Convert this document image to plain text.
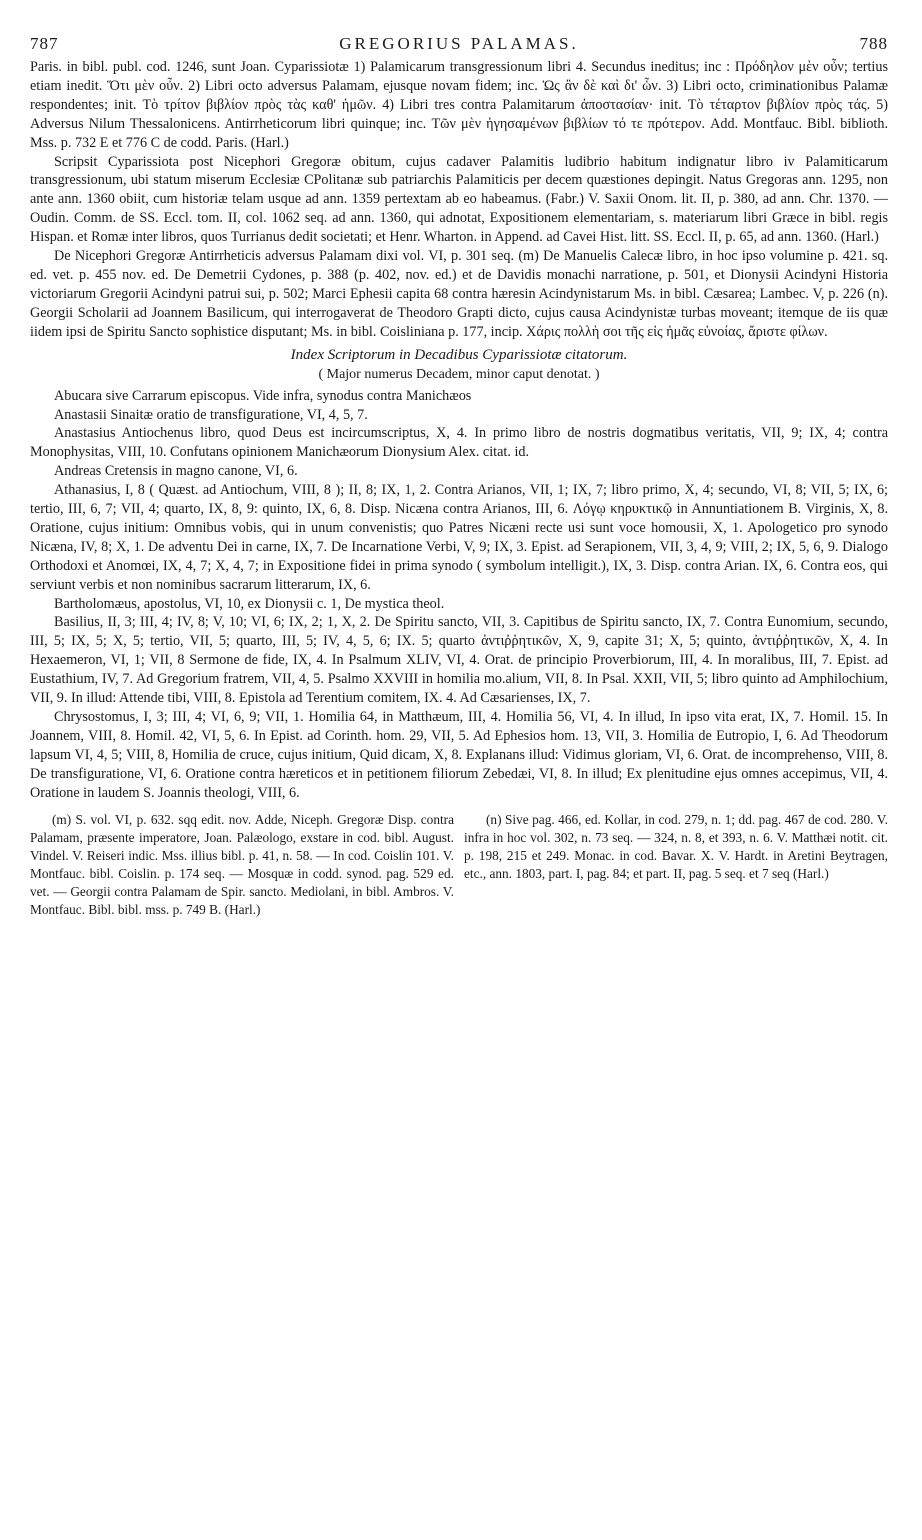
787	GREGORIUS PALAMAS.	788

Paris. in bibl. publ. cod. 1246, sunt Joan. Cyparissiotæ 1) Palamicarum transgressionum libri 4. Secundus ineditus; inc : Πρόδηλον μὲν οὖν; tertius etiam inedit. Ὅτι μὲν οὖν. 2) Libri octo adversus Palamam, ejusque novam fidem; inc. Ὡς ἂν δὲ καὶ δι' ὧν. 3) Libri octo, criminationibus Palamæ respondentes; init. Τὸ τρίτον βιβλίον πρὸς τὰς καθ' ἡμῶν. 4) Libri tres contra Palamitarum ἀποστασίαν· init. Τὸ τέταρτον βιβλίον πρὸς τάς. 5) Adversus Nilum Thessalonicens. Antirrheticorum libri quinque; inc. Τῶν μὲν ἡγησαμένων βιβλίων τό τε πρότερον. Add. Montfauc. Bibl. biblioth. Mss. p. 732 E et 776 C de codd. Paris. (Harl.)

Scripsit Cyparissiota post Nicephori Gregoræ obitum, cujus cadaver Palamitis ludibrio habitum indignatur libro iv Palamiticarum transgressionum, ubi statum miserum Ecclesiæ CPolitanæ sub patriarchis Palamiticis per decem quæstiones depingit. Natus Gregoras ann. 1295, non ante ann. 1360 obiit, cum historiæ telam usque ad ann. 1359 pertextam ab eo habeamus. (Fabr.) V. Saxii Onom. lit. II, p. 380, ad ann. Chr. 1370. — Oudin. Comm. de SS. Eccl. tom. II, col. 1062 seq. ad ann. 1360, qui adnotat, Expositionem elementariam, s. materiarum libri Græce in bibl. regis Hispan. et Romæ inter libros, quos Turrianus dedit societati; et Henr. Wharton. in Append. ad Cavei Hist. litt. SS. Eccl. II, p. 65, ad ann. 1360. (Harl.)

De Nicephori Gregoræ Antirrheticis adversus Palamam dixi vol. VI, p. 301 seq. (m) De Manuelis Calecæ libro, in hoc ipso volumine p. 421. sq. ed. vet. p. 455 nov. ed. De Demetrii Cydones, p. 388 (p. 402, nov. ed.) et de Davidis monachi narratione, p. 501, et Dionysii Acindyni Historia victoriarum Gregorii Acindyni patrui sui, p. 502; Marci Ephesii capita 68 contra hæresin Acindynistarum Ms. in bibl. Cæsarea; Lambec. V, p. 226 (n). Georgii Scholarii ad Joannem Basilicum, qui interrogaverat de Theodoro Grapti dicto, cujus causa Acindynistæ turbas moveant; itemque de iis quæ iidem ipsi de Spiritu Sancto sophistice disputant; Ms. in bibl. Coisliniana p. 177, incip. Χάρις πολλὴ σοι τῆς εἰς ἡμᾶς εὐνοίας, ἄριστε φίλων.

Index Scriptorum in Decadibus Cyparissiotæ citatorum.
( Major numerus Decadem, minor caput denotat. )

Abucara sive Carrarum episcopus. Vide infra, synodus contra Manichæos

Anastasii Sinaitæ oratio de transfiguratione, VI, 4, 5, 7.

Anastasius Antiochenus libro, quod Deus est incircumscriptus, X, 4. In primo libro de nostris dogmatibus veritatis, VII, 9; IX, 4; contra Monophysitas, VIII, 10. Confutans opinionem Manichæorum Dionysium Alex. citat. id.

Andreas Cretensis in magno canone, VI, 6.

Athanasius, I, 8 ( Quæst. ad Antiochum, VIII, 8 ); II, 8; IX, 1, 2. Contra Arianos, VII, 1; IX, 7; libro primo, X, 4; secundo, VI, 8; VII, 5; IX, 6; tertio, III, 6, 7; VII, 4; quarto, IX, 8, 9: quinto, IX, 6, 8. Disp. Nicæna contra Arianos, III, 6. Λόγῳ κηρυκτικῷ in Annuntiationem B. Virginis, X, 8. Oratione, cujus initium: Omnibus vobis, qui in unum convenistis; quo Patres Nicæni recte usi sunt voce homousii, X, 1. Apologetico pro synodo Nicæna, IV, 8; X, 1. De adventu Dei in carne, IX, 7. De Incarnatione Verbi, V, 9; IX, 3. Epist. ad Serapionem, VII, 3, 4, 9; VIII, 2; IX, 5, 6, 9. Dialogo Orthodoxi et Anomœi, IX, 4, 7; X, 4, 7; in Expositione fidei in prima synodo ( symbolum intelligit.), IX, 3. Disp. contra Arian. IX, 6. Contra eos, qui serviunt verbis et non nominibus sacrarum litterarum, IX, 6.

Bartholomæus, apostolus, VI, 10, ex Dionysii c. 1, De mystica theol.

Basilius, II, 3; III, 4; IV, 8; V, 10; VI, 6; IX, 2; 1, X, 2. De Spiritu sancto, VII, 3. Capitibus de Spiritu sancto, IX, 7. Contra Eunomium, secundo, III, 5; IX, 5; X, 5; tertio, VII, 5; quarto, III, 5; IV, 4, 5, 6; IX. 5; quarto ἀντιῤῥητικῶν, X, 9, capite 31; X, 5; quinto, ἀντιῤῥητικῶν, X, 4. In Hexaemeron, VI, 1; VII, 8 Sermone de fide, IX, 4. In Psalmum XLIV, VI, 4. Orat. de principio Proverbiorum, III, 4. In moralibus, III, 7. Epist. ad Eustathium, IV, 7. Ad Gregorium fratrem, VII, 4, 5. Psalmo XXVIII in homilia mo.alium, VII, 8. In Psal. XXII, VII, 5; libro quinto ad Amphilochium, VII, 9. In illud: Attende tibi, VIII, 8. Epistola ad Terentium comitem, IX. 4. Ad Cæsarienses, IX, 7.

Chrysostomus, I, 3; III, 4; VI, 6, 9; VII, 1. Homilia 64, in Matthæum, III, 4. Homilia 56, VI, 4. In illud, In ipso vita erat, IX, 7. Homil. 15. In Joannem, VIII, 8. Homil. 42, VI, 5, 6. In Epist. ad Corinth. hom. 29, VII, 5. Ad Ephesios hom. 13, VII, 3. Homilia de Eutropio, I, 6. Ad Theodorum lapsum VI, 4, 5; VIII, 8, Homilia de cruce, cujus initium, Quid dicam, X, 8. Explanans illud: Vidimus gloriam, VI, 6. Orat. de incomprehenso, VIII, 8. De transfiguratione, VI, 6. Oratione contra hæreticos et in petitionem filiorum Zebedæi, VI, 8. In illud; Ex plenitudine ejus omnes accepimus, VII, 4. Oratione in laudem S. Joannis theologi, VIII, 6.

(m) S. vol. VI, p. 632. sqq edit. nov. Adde, Niceph. Gregoræ Disp. contra Palamam, præsente imperatore, Joan. Palæologo, exstare in cod. bibl. August. Vindel. V. Reiseri indic. Mss. illius bibl. p. 41, n. 58. — In cod. Coislin 101. V. Montfauc. bibl. Coislin. p. 174 seq. — Mosquæ in codd. synod. pag. 529 ed. vet. — Georgii contra Palamam de Spir. sancto. Mediolani, in bibl. Ambros. V. Montfauc. Bibl. bibl. mss. p. 749 B. (Harl.)

(n) Sive pag. 466, ed. Kollar, in cod. 279, n. 1; dd. pag. 467 de cod. 280. V. infra in hoc vol. 302, n. 73 seq. — 324, n. 8, et 393, n. 6. V. Matthæi notit. cit. p. 198, 215 et 249. Monac. in cod. Bavar. X. V. Hardt. in Aretini Beytragen, etc., ann. 1803, part. I, pag. 84; et part. II, pag. 5 seq. et 7 seq (Harl.)
